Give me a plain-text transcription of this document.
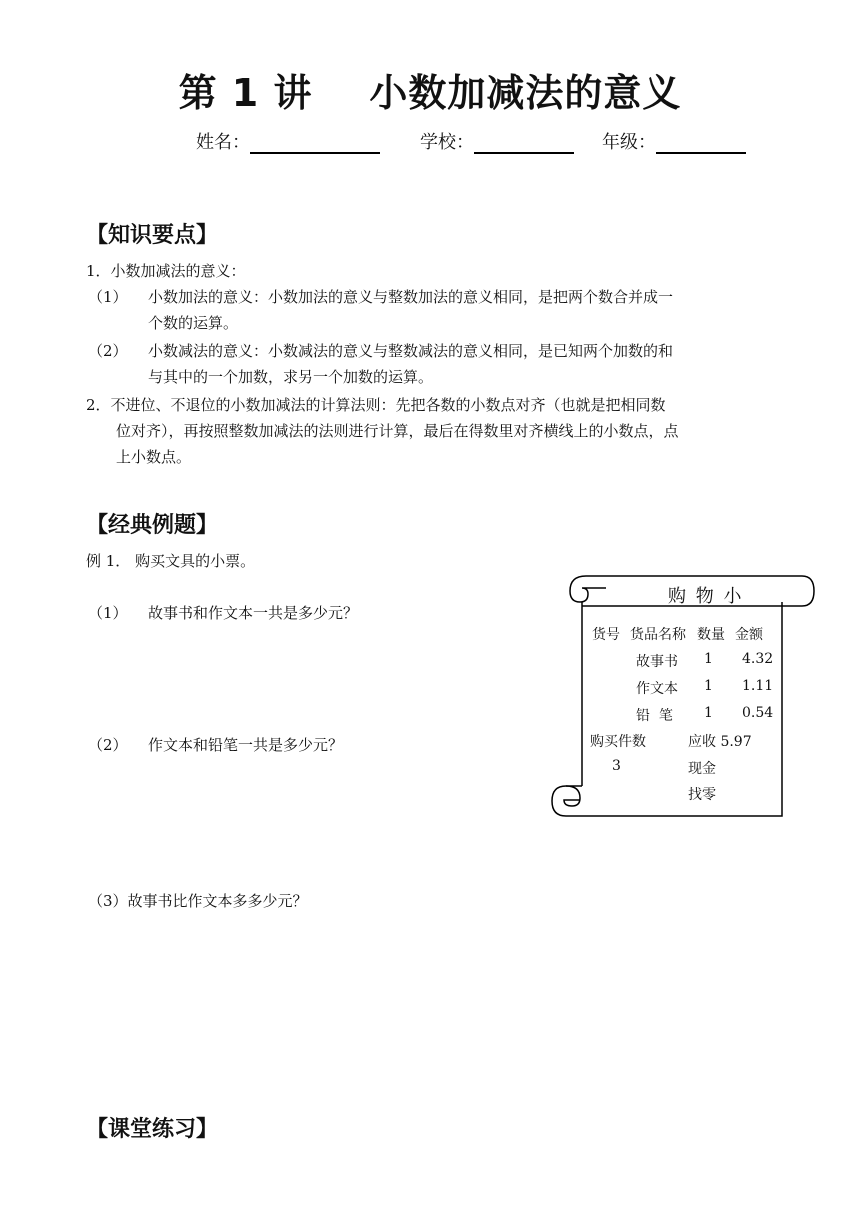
第 1 讲    小数加减法的意义
姓名：	学校：	年级：
【知识要点】
1．小数加减法的意义：
（1） 小数加法的意义：小数加法的意义与整数加法的意义相同，是把两个数合并成一
个数的运算。
（2） 小数减法的意义：小数减法的意义与整数减法的意义相同，是已知两个加数的和
与其中的一个加数，求另一个加数的运算。
2．不进位、不退位的小数加减法的计算法则：先把各数的小数点对齐（也就是把相同数
位对齐），再按照整数加减法的法则进行计算，最后在得数里对齐横线上的小数点，点
上小数点。
【经典例题】
例 1． 购买文具的小票。
（1） 故事书和作文本一共是多少元？
（2） 作文本和铅笔一共是多少元？
（3）故事书比作文本多多少元？
购 物 小
货号 货品名称 数量 金额
故事书 1 4.32
作文本 1 1.11
铅  笔 1 0.54
购买件数	应收 5.97
3	现金
找零
【课堂练习】
